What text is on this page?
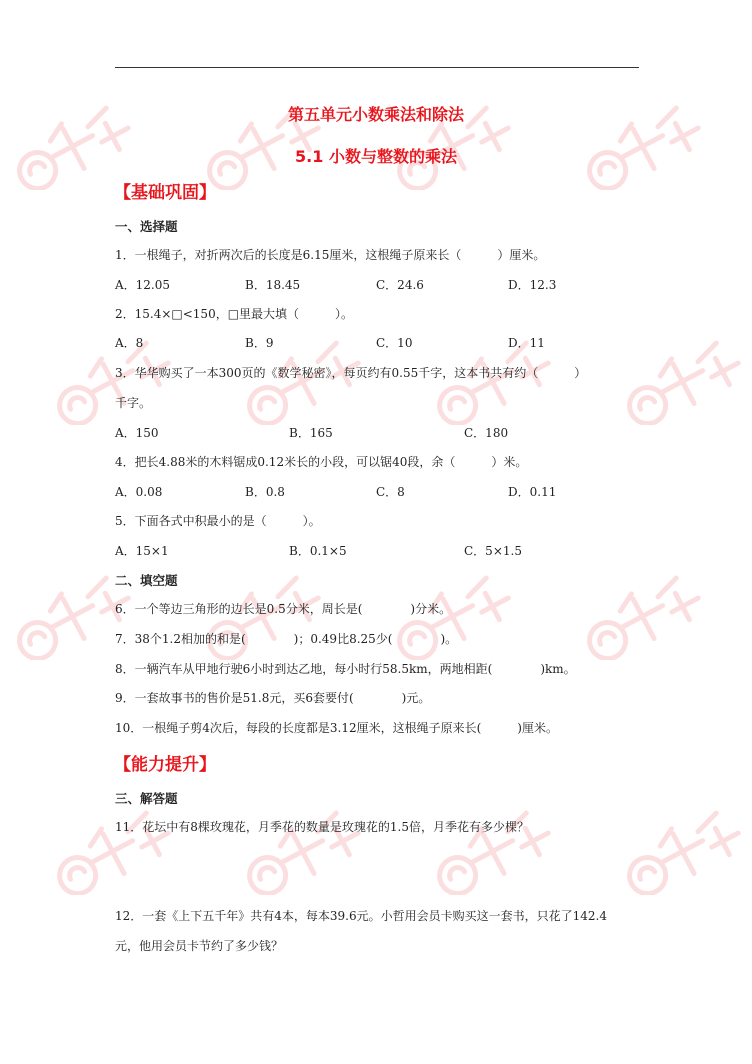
第五单元小数乘法和除法
5.1 小数与整数的乘法
【基础巩固】
一、选择题
1．一根绳子，对折两次后的长度是6.15厘米，这根绳子原来长（　　　）厘米。
A．12.05	B．18.45	C．24.6	D．12.3
2．15.4×□<150，□里最大填（　　　）。
A．8	B．9	C．10	D．11
3．华华购买了一本300页的《数学秘密》，每页约有0.55千字，这本书共有约（　　　）
千字。
A．150	B．165	C．180
4．把长4.88米的木料锯成0.12米长的小段，可以锯40段，余（　　　）米。
A．0.08	B．0.8	C．8	D．0.11
5．下面各式中积最小的是（　　　）。
A．15×1	B．0.1×5	C．5×1.5
二、填空题
6．一个等边三角形的边长是0.5分米，周长是(　　　　)分米。
7．38个1.2相加的和是(　　　　)；0.49比8.25少(　　　　)。
8．一辆汽车从甲地行驶6小时到达乙地，每小时行58.5km，两地相距(　　　　)km。
9．一套故事书的售价是51.8元，买6套要付(　　　　)元。
10．一根绳子剪4次后，每段的长度都是3.12厘米，这根绳子原来长(　　　)厘米。
【能力提升】
三、解答题
11．花坛中有8棵玫瑰花，月季花的数量是玫瑰花的1.5倍，月季花有多少棵？
12．一套《上下五千年》共有4本，每本39.6元。小哲用会员卡购买这一套书，只花了142.4
元，他用会员卡节约了多少钱？
